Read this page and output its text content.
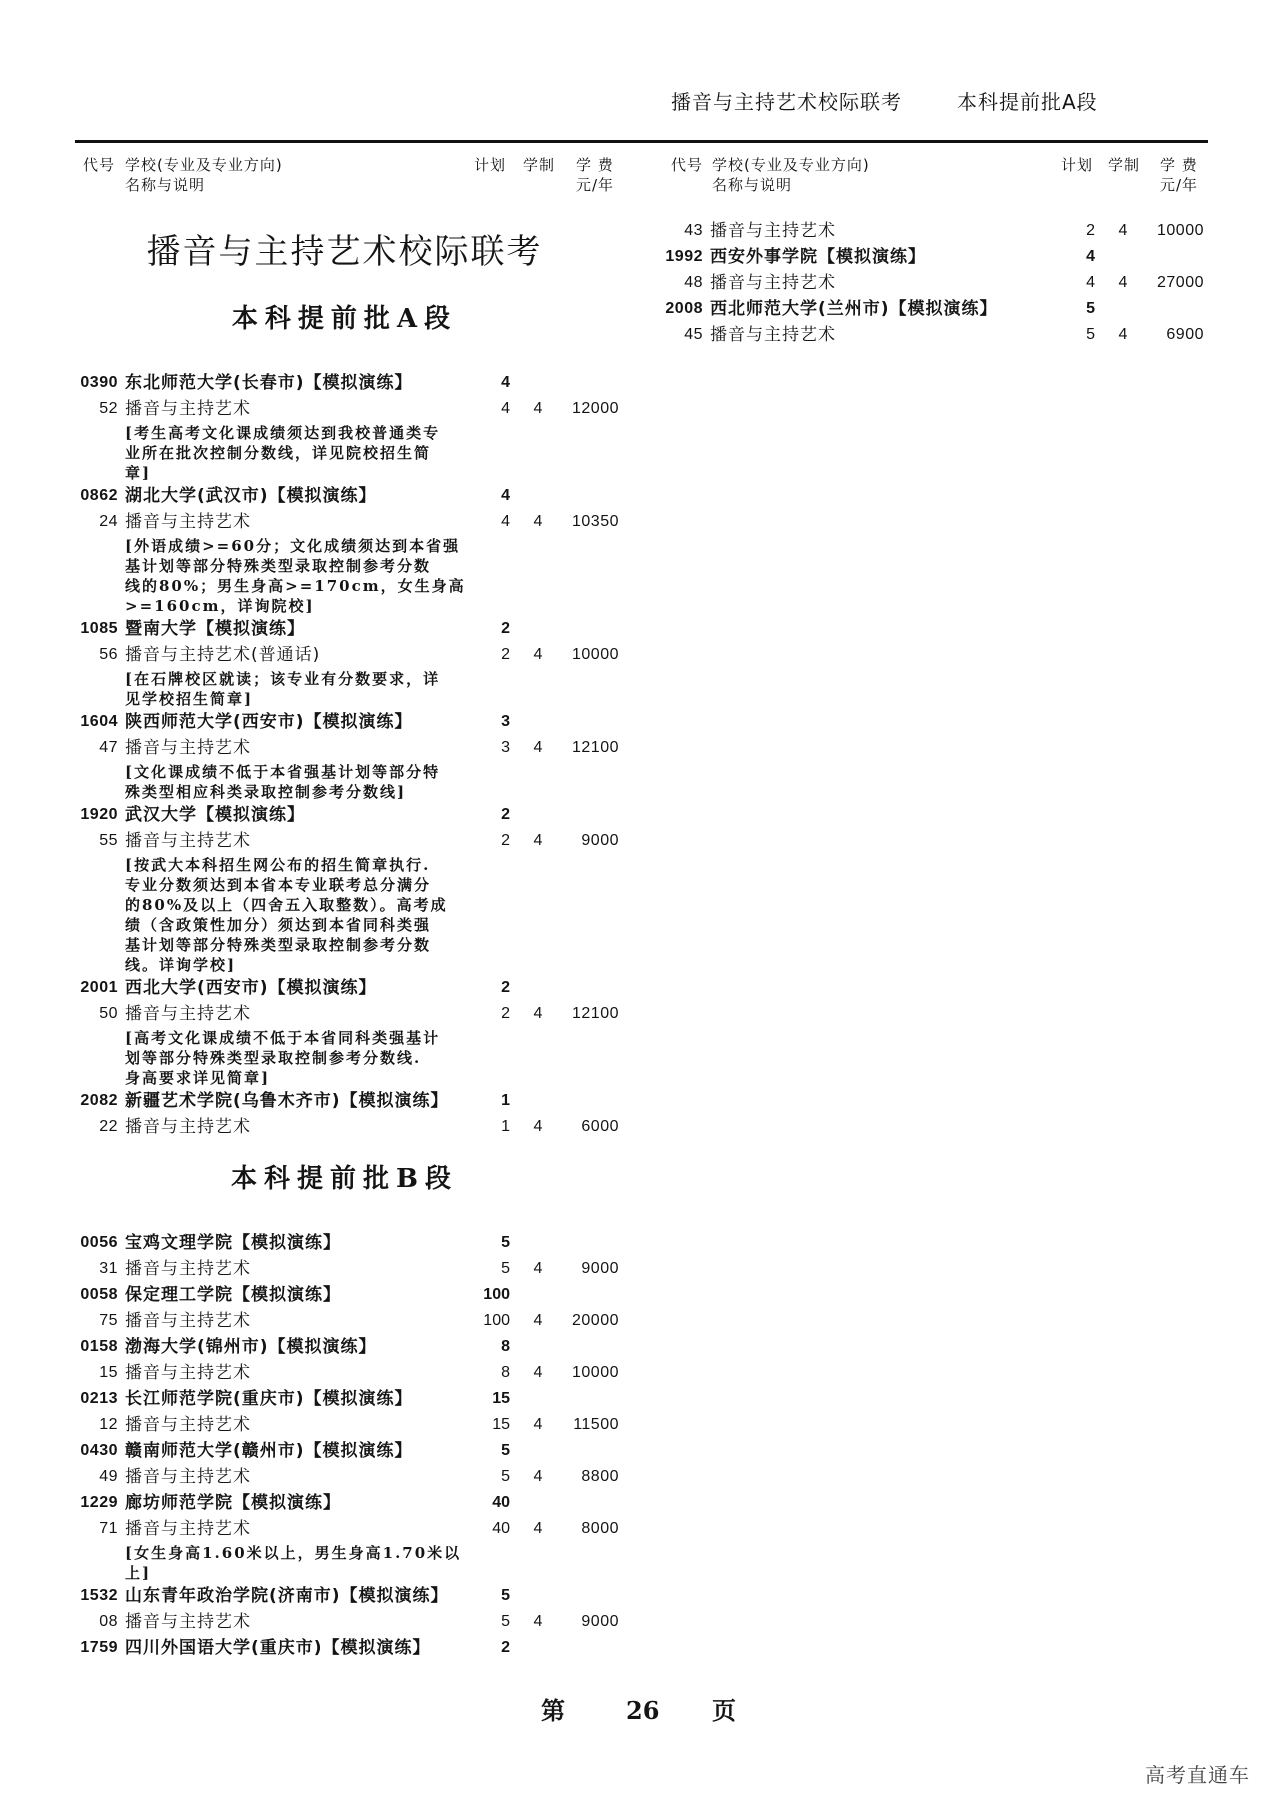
播音与主持艺术校际联考	本科提前批A段
代号 学校(专业及专业方向)
名称与说明
计划 学制 学 费
元/年
代号 学校(专业及专业方向)
名称与说明
计划 学制 学 费
元/年
播音与主持艺术校际联考
本科提前批A段
0390 东北师范大学(长春市)【模拟演练】	4
52 播音与主持艺术	4	4	12000
[考生高考文化课成绩须达到我校普通类专
业所在批次控制分数线，详见院校招生简
章]
0862 湖北大学(武汉市)【模拟演练】	4
24 播音与主持艺术	4	4	10350
[外语成绩>=60分；文化成绩须达到本省强
基计划等部分特殊类型录取控制参考分数
线的80%；男生身高>=170cm，女生身高
>=160cm，详询院校]
1085 暨南大学【模拟演练】	2
56 播音与主持艺术(普通话)	2	4	10000
[在石牌校区就读；该专业有分数要求，详
见学校招生简章]
1604 陕西师范大学(西安市)【模拟演练】	3
47 播音与主持艺术	3	4	12100
[文化课成绩不低于本省强基计划等部分特
殊类型相应科类录取控制参考分数线]
1920 武汉大学【模拟演练】	2
55 播音与主持艺术	2	4	9000
[按武大本科招生网公布的招生简章执行.
专业分数须达到本省本专业联考总分满分
的80%及以上（四舍五入取整数）。高考成
绩（含政策性加分）须达到本省同科类强
基计划等部分特殊类型录取控制参考分数
线。详询学校]
2001 西北大学(西安市)【模拟演练】	2
50 播音与主持艺术	2	4	12100
[高考文化课成绩不低于本省同科类强基计
划等部分特殊类型录取控制参考分数线.
身高要求详见简章]
2082 新疆艺术学院(乌鲁木齐市)【模拟演练】	1
22 播音与主持艺术	1	4	6000
本科提前批B段
0056 宝鸡文理学院【模拟演练】	5
31 播音与主持艺术	5	4	9000
0058 保定理工学院【模拟演练】	100
75 播音与主持艺术	100	4	20000
0158 渤海大学(锦州市)【模拟演练】	8
15 播音与主持艺术	8	4	10000
0213 长江师范学院(重庆市)【模拟演练】	15
12 播音与主持艺术	15	4	11500
0430 赣南师范大学(赣州市)【模拟演练】	5
49 播音与主持艺术	5	4	8800
1229 廊坊师范学院【模拟演练】	40
71 播音与主持艺术	40	4	8000
[女生身高1.60米以上，男生身高1.70米以
上]
1532 山东青年政治学院(济南市)【模拟演练】	5
08 播音与主持艺术	5	4	9000
1759 四川外国语大学(重庆市)【模拟演练】	2
43 播音与主持艺术	2	4	10000
1992 西安外事学院【模拟演练】	4
48 播音与主持艺术	4	4	27000
2008 西北师范大学(兰州市)【模拟演练】	5
45 播音与主持艺术	5	4	6900
第	26 页
高考直通车
